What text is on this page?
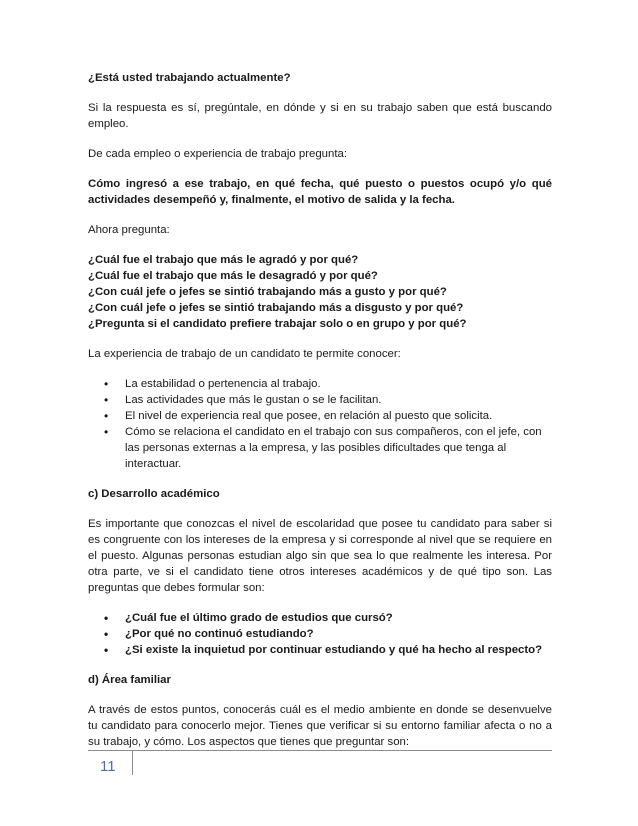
¿Está usted trabajando actualmente?

Si la respuesta es sí, pregúntale, en dónde y si en su trabajo saben que está buscando empleo.

De cada empleo o experiencia de trabajo pregunta:

Cómo ingresó a ese trabajo, en qué fecha, qué puesto o puestos ocupó y/o qué actividades desempeñó y, finalmente, el motivo de salida y la fecha.

Ahora pregunta:

¿Cuál fue el trabajo que más le agradó y por qué?
¿Cuál fue el trabajo que más le desagradó y por qué?
¿Con cuál jefe o jefes se sintió trabajando más a gusto y por qué?
¿Con cuál jefe o jefes se sintió trabajando más a disgusto y por qué?
¿Pregunta si el candidato prefiere trabajar solo o en grupo y por qué?

La experiencia de trabajo de un candidato te permite conocer:

• La estabilidad o pertenencia al trabajo.
• Las actividades que más le gustan o se le facilitan.
• El nivel de experiencia real que posee, en relación al puesto que solicita.
• Cómo se relaciona el candidato en el trabajo con sus compañeros, con el jefe, con las personas externas a la empresa, y las posibles dificultades que tenga al interactuar.

c) Desarrollo académico

Es importante que conozcas el nivel de escolaridad que posee tu candidato para saber si es congruente con los intereses de la empresa y si corresponde al nivel que se requiere en el puesto. Algunas personas estudian algo sin que sea lo que realmente les interesa. Por otra parte, ve si el candidato tiene otros intereses académicos y de qué tipo son. Las preguntas que debes formular son:

• ¿Cuál fue el último grado de estudios que cursó?
• ¿Por qué no continuó estudiando?
• ¿Si existe la inquietud por continuar estudiando y qué ha hecho al respecto?

d) Área familiar

A través de estos puntos, conocerás cuál es el medio ambiente en donde se desenvuelve tu candidato para conocerlo mejor. Tienes que verificar si su entorno familiar afecta o no a su trabajo, y cómo. Los aspectos que tienes que preguntar son:

11
